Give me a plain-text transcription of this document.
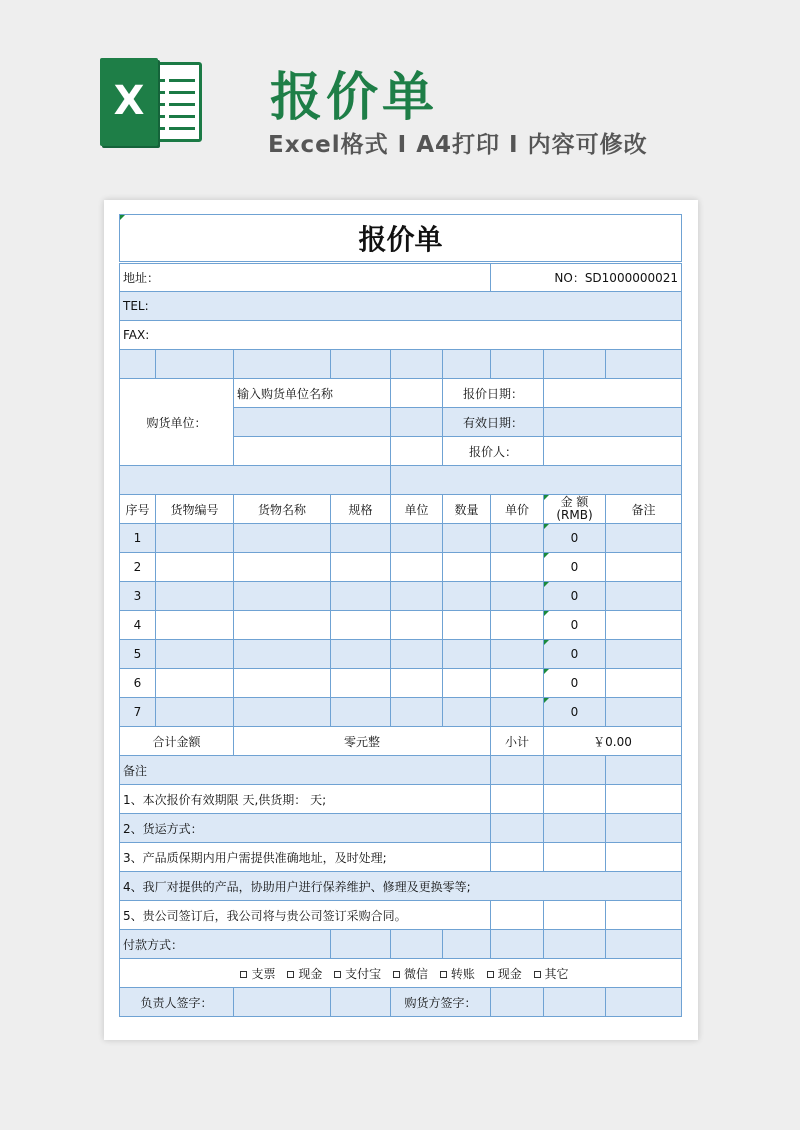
X 报价单
Excel格式 I A4打印 I 内容可修改
报价单								
地址：						NO：SD1000000021		
TEL:								
FAX:								

购货单位：		输入购货单位名称			报价日期：			
					有效日期：			
					报价人：			

序号	货物编号	货物名称	规格	单位	数量	单价	金 额 (RMB)	备注
1							0	
2							0	
3							0	
4							0	
5							0	
6							0	
7							0	
合计金额		零元整				小计	￥0.00	
备注								
1、本次报价有效期限 天,供货期： 天;								
2、货运方式：								
3、产品质保期内用户需提供准确地址，及时处理;								
4、我厂对提供的产品，协助用户进行保养维护、修理及更换零等;								
5、贵公司签订后，我公司将与贵公司签订采购合同。								
付款方式：								
支票 现金 支付宝 微信 转账 现金 其它								
负责人签字：				购货方签字：				
